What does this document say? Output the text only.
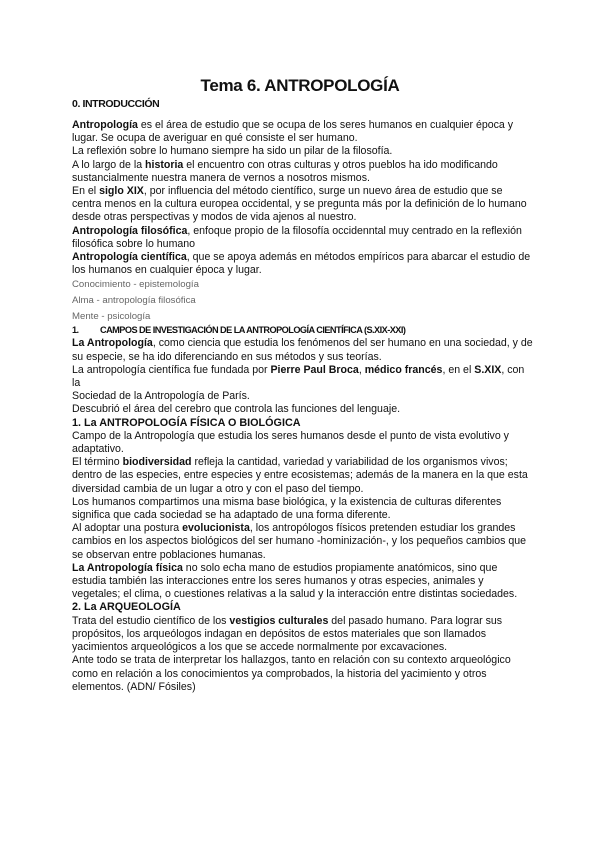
Tema 6. ANTROPOLOGÍA
0. INTRODUCCIÓN

Antropología es el área de estudio que se ocupa de los seres humanos en cualquier época y lugar. Se ocupa de averiguar en qué consiste el ser humano.

La reflexión sobre lo humano siempre ha sido un pilar de la filosofía.

A lo largo de la historia el encuentro con otras culturas y otros pueblos ha ido modificando sustancialmente nuestra manera de vernos a nosotros mismos.

En el siglo XIX, por influencia del método científico, surge un nuevo área de estudio que se centra menos en la cultura europea occidental, y se pregunta más por la definición de lo humano desde otras perspectivas y modos de vida ajenos al nuestro.

Antropología filosófica, enfoque propio de la filosofía occidenntal muy centrado en la reflexión filosófica sobre lo humano

Antropología científica, que se apoya además en métodos empíricos para abarcar el estudio de los humanos en cualquier época y lugar.

Conocimiento - epistemología

Alma - antropología filosófica

Mente - psicología

1. CAMPOS DE INVESTIGACIÓN DE LA ANTROPOLOGÍA CIENTÍFICA (S.XIX-XXI)

La Antropología, como ciencia que estudia los fenómenos del ser humano en una sociedad, y de su especie, se ha ido diferenciando en sus métodos y sus teorías.

La antropología científica fue fundada por Pierre Paul Broca, médico francés, en el S.XIX, con la

Sociedad de la Antropología de París.

Descubrió el área del cerebro que controla las funciones del lenguaje.

1. La ANTROPOLOGÍA FÍSICA O BIOLÓGICA

Campo de la Antropología que estudia los seres humanos desde el punto de vista evolutivo y adaptativo.

El término biodiversidad refleja la cantidad, variedad y variabilidad de los organismos vivos; dentro de las especies, entre especies y entre ecosistemas; además de la manera en la que esta diversidad cambia de un lugar a otro y con el paso del tiempo.

Los humanos compartimos una misma base biológica, y la existencia de culturas diferentes significa que cada sociedad se ha adaptado de una forma diferente.

Al adoptar una postura evolucionista, los antropólogos físicos pretenden estudiar los grandes cambios en los aspectos biológicos del ser humano -hominización-, y los pequeños cambios que se observan entre poblaciones humanas.

La Antropología física no solo echa mano de estudios propiamente anatómicos, sino que estudia también las interacciones entre los seres humanos y otras especies, animales y vegetales; el clima, o cuestiones relativas a la salud y la interacción entre distintas sociedades.

2. La ARQUEOLOGÍA

Trata del estudio científico de los vestigios culturales del pasado humano. Para lograr sus propósitos, los arqueólogos indagan en depósitos de estos materiales que son llamados yacimientos arqueológicos a los que se accede normalmente por excavaciones.

Ante todo se trata de interpretar los hallazgos, tanto en relación con su contexto arqueológico como en relación a los conocimientos ya comprobados, la historia del yacimiento y otros elementos. (ADN/ Fósiles)
